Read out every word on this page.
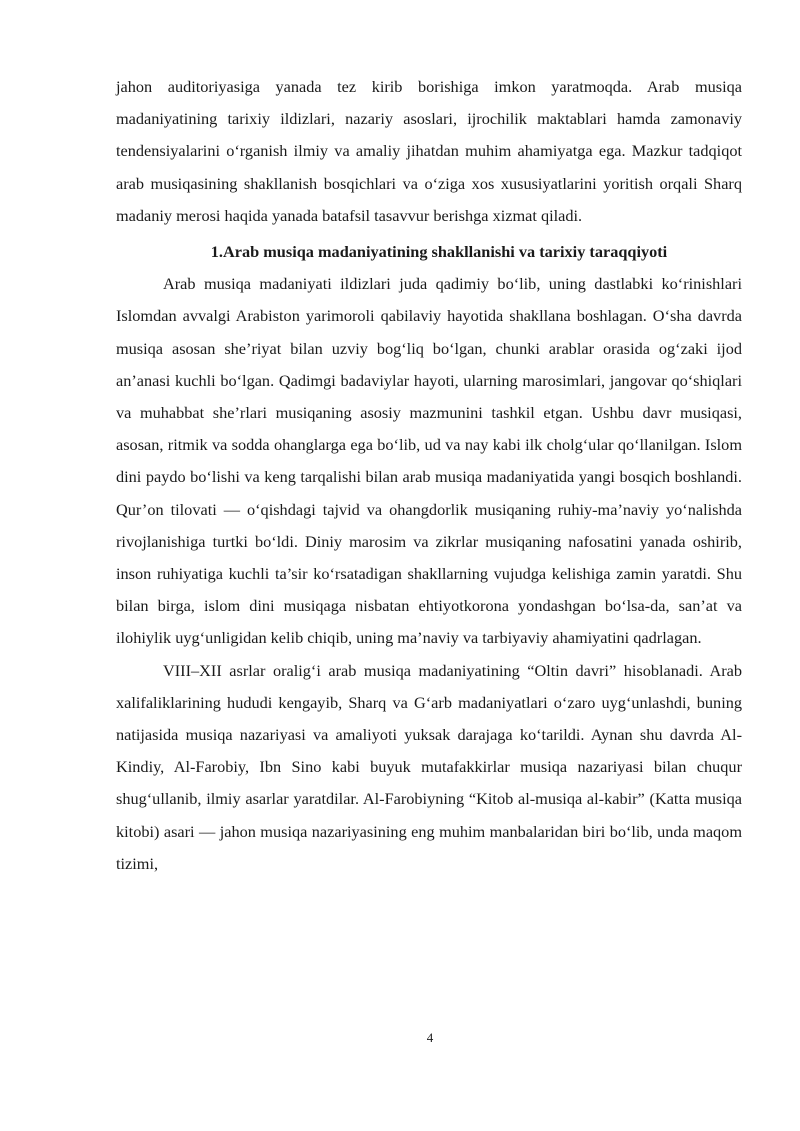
jahon auditoriyasiga yanada tez kirib borishiga imkon yaratmoqda. Arab musiqa madaniyatining tarixiy ildizlari, nazariy asoslari, ijrochilik maktablari hamda zamonaviy tendensiyalarini oʻrganish ilmiy va amaliy jihatdan muhim ahamiyatga ega. Mazkur tadqiqot arab musiqasining shakllanish bosqichlari va oʻziga xos xususiyatlarini yoritish orqali Sharq madaniy merosi haqida yanada batafsil tasavvur berishga xizmat qiladi.

1.Arab musiqa madaniyatining shakllanishi va tarixiy taraqqiyoti

Arab musiqa madaniyati ildizlari juda qadimiy boʻlib, uning dastlabki koʻrinishlari Islomdan avvalgi Arabiston yarimoroli qabilaviy hayotida shakllana boshlagan. Oʻsha davrda musiqa asosan she’riyat bilan uzviy bogʻliq boʻlgan, chunki arablar orasida ogʻzaki ijod an’anasi kuchli boʻlgan. Qadimgi badaviylar hayoti, ularning marosimlari, jangovar qoʻshiqlari va muhabbat she’rlari musiqaning asosiy mazmunini tashkil etgan. Ushbu davr musiqasi, asosan, ritmik va sodda ohanglarga ega boʻlib, ud va nay kabi ilk cholgʻular qoʻllanilgan. Islom dini paydo boʻlishi va keng tarqalishi bilan arab musiqa madaniyatida yangi bosqich boshlandi. Qur’on tilovati — oʻqishdagi tajvid va ohangdorlik musiqaning ruhiy-ma’naviy yoʻnalishda rivojlanishiga turtki boʻldi. Diniy marosim va zikrlar musiqaning nafosatini yanada oshirib, inson ruhiyatiga kuchli ta’sir koʻrsatadigan shakllarning vujudga kelishiga zamin yaratdi. Shu bilan birga, islom dini musiqaga nisbatan ehtiyotkorona yondashgan boʻlsa-da, san’at va ilohiylik uygʻunligidan kelib chiqib, uning ma’naviy va tarbiyaviy ahamiyatini qadrlagan.

VIII–XII asrlar oraligʻi arab musiqa madaniyatining “Oltin davri” hisoblanadi. Arab xalifaliklarining hududi kengayib, Sharq va Gʻarb madaniyatlari oʻzaro uygʻunlashdi, buning natijasida musiqa nazariyasi va amaliyoti yuksak darajaga koʻtarildi. Aynan shu davrda Al-Kindiy, Al-Farobiy, Ibn Sino kabi buyuk mutafakkirlar musiqa nazariyasi bilan chuqur shugʻullanib, ilmiy asarlar yaratdilar. Al-Farobiyning “Kitob al-musiqa al-kabir” (Katta musiqa kitobi) asari — jahon musiqa nazariyasining eng muhim manbalaridan biri boʻlib, unda maqom tizimi,

4
